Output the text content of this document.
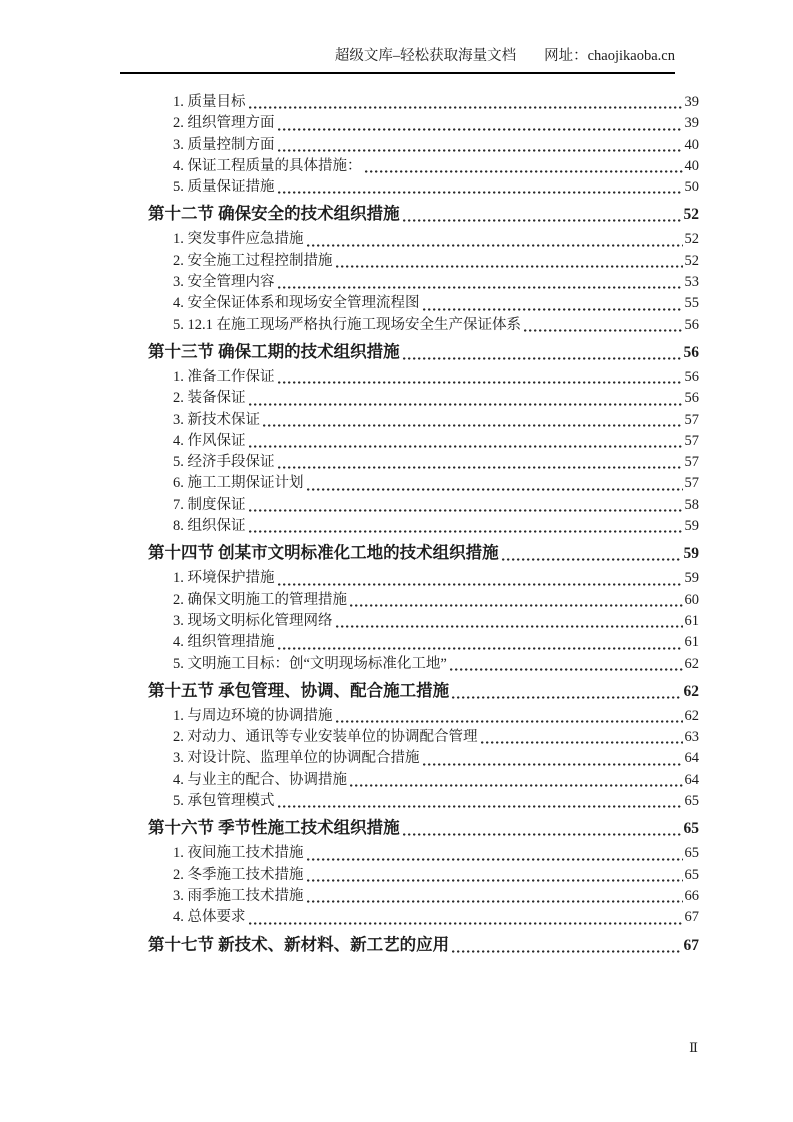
超级文库–轻松获取海量文档 网址：chaojikaoba.cn
1. 质量目标	39
2. 组织管理方面	39
3. 质量控制方面	40
4. 保证工程质量的具体措施：	40
5. 质量保证措施	50
第十二节 确保安全的技术组织措施	52
1. 突发事件应急措施	52
2. 安全施工过程控制措施	52
3. 安全管理内容	53
4. 安全保证体系和现场安全管理流程图	55
5. 12.1 在施工现场严格执行施工现场安全生产保证体系	56
第十三节 确保工期的技术组织措施	56
1. 准备工作保证	56
2. 装备保证	56
3. 新技术保证	57
4. 作风保证	57
5. 经济手段保证	57
6. 施工工期保证计划	57
7. 制度保证	58
8. 组织保证	59
第十四节 创某市文明标准化工地的技术组织措施	59
1. 环境保护措施	59
2. 确保文明施工的管理措施	60
3. 现场文明标化管理网络	61
4. 组织管理措施	61
5. 文明施工目标：创“文明现场标准化工地”	62
第十五节 承包管理、协调、配合施工措施	62
1. 与周边环境的协调措施	62
2. 对动力、通讯等专业安装单位的协调配合管理	63
3. 对设计院、监理单位的协调配合措施	64
4. 与业主的配合、协调措施	64
5. 承包管理模式	65
第十六节 季节性施工技术组织措施	65
1. 夜间施工技术措施	65
2. 冬季施工技术措施	65
3. 雨季施工技术措施	66
4. 总体要求	67
第十七节 新技术、新材料、新工艺的应用	67
Ⅱ
